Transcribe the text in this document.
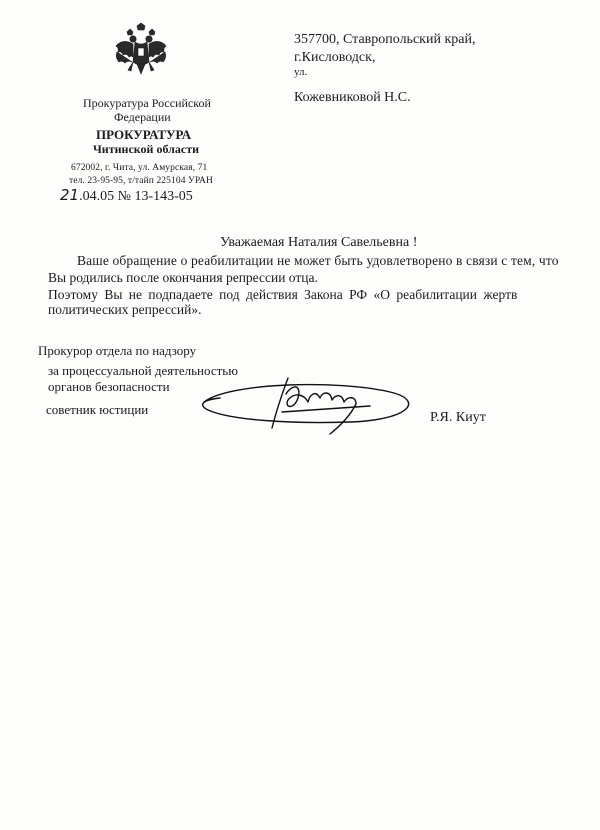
Прокуратура Российской
Федерации
ПРОКУРАТУРА
Читинской области
672002, г. Чита, ул. Амурская, 71
тел. 23-95-95, т/тайп 225104 УРАН
21.04.05 № 13-143-05
357700, Ставропольский край,
г.Кисловодск,
ул.
Кожевниковой Н.С.
Уважаемая Наталия Савельевна !
Ваше обращение о реабилитации не может быть удовлетворено в связи с тем, что
Вы родились после окончания репрессии отца.
Поэтому Вы не подпадаете под действия Закона РФ «О реабилитации жертв
политических репрессий».
Прокурор отдела по надзору
за процессуальной деятельностью
органов безопасности
советник юстиции
Р.Я. Киут
